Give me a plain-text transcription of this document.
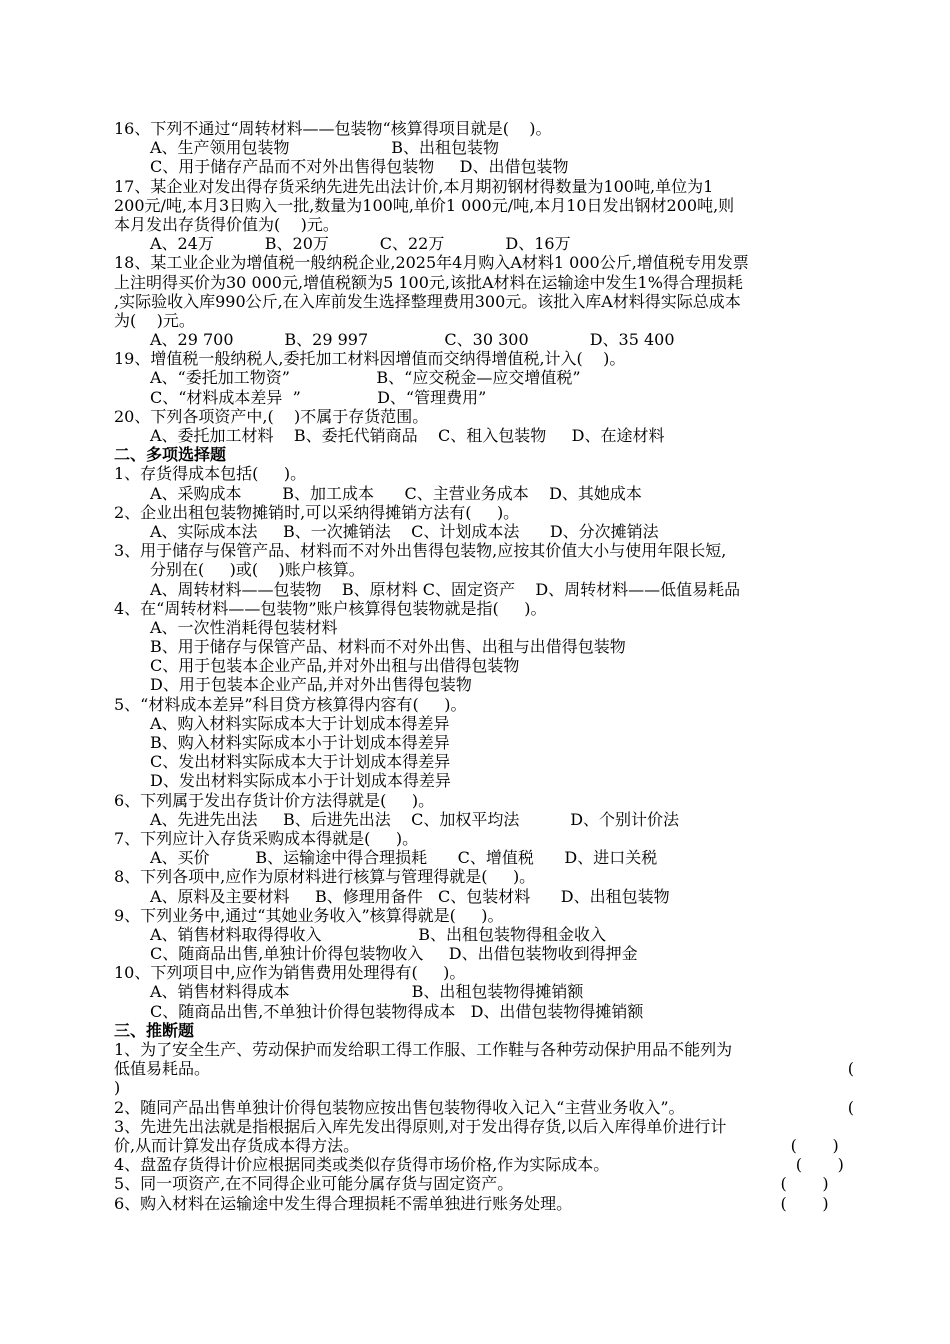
16、下列不通过“周转材料——包装物“核算得项目就是(    )。
A、生产领用包装物                    B、出租包装物
C、用于储存产品而不对外出售得包装物     D、出借包装物
17、某企业对发出得存货采纳先进先出法计价,本月期初钢材得数量为100吨,单位为1
200元/吨,本月3日购入一批,数量为100吨,单价1 000元/吨,本月10日发出钢材200吨,则
本月发出存货得价值为(    )元。
A、24万          B、20万          C、22万            D、16万
18、某工业企业为增值税一般纳税企业,2025年4月购入A材料1 000公斤,增值税专用发票
上注明得买价为30 000元,增值税额为5 100元,该批A材料在运输途中发生1%得合理损耗
,实际验收入库990公斤,在入库前发生选择整理费用300元。该批入库A材料得实际总成本
为(    )元。
A、29 700          B、29 997               C、30 300            D、35 400
19、增值税一般纳税人,委托加工材料因增值而交纳得增值税,计入(    )。
A、“委托加工物资”                 B、“应交税金—应交增值税”
C、“材料成本差异  ”               D、“管理费用”
20、下列各项资产中,(    )不属于存货范围。
A、委托加工材料    B、委托代销商品    C、租入包装物     D、在途材料
二、多项选择题
1、存货得成本包括(     )。
A、采购成本        B、加工成本      C、主营业务成本    D、其她成本
2、企业出租包装物摊销时,可以采纳得摊销方法有(     )。
A、实际成本法     B、一次摊销法    C、计划成本法      D、分次摊销法
3、用于储存与保管产品、材料而不对外出售得包装物,应按其价值大小与使用年限长短,
分别在(     )或(    )账户核算。
A、周转材料——包装物    B、原材料 C、固定资产    D、周转材料——低值易耗品
4、在“周转材料——包装物”账户核算得包装物就是指(     )。
A、一次性消耗得包装材料
B、用于储存与保管产品、材料而不对外出售、出租与出借得包装物
C、用于包装本企业产品,并对外出租与出借得包装物
D、用于包装本企业产品,并对外出售得包装物
5、“材料成本差异”科目贷方核算得内容有(     )。
A、购入材料实际成本大于计划成本得差异
B、购入材料实际成本小于计划成本得差异
C、发出材料实际成本大于计划成本得差异
D、发出材料实际成本小于计划成本得差异
6、下列属于发出存货计价方法得就是(     )。
A、先进先出法     B、后进先出法    C、加权平均法          D、个别计价法
7、下列应计入存货采购成本得就是(     )。
A、买价         B、运输途中得合理损耗      C、增值税      D、进口关税
8、下列各项中,应作为原材料进行核算与管理得就是(     )。
A、原料及主要材料     B、修理用备件   C、包装材料      D、出租包装物
9、下列业务中,通过“其她业务收入”核算得就是(     )。
A、销售材料取得得收入                   B、出租包装物得租金收入
C、随商品出售,单独计价得包装物收入     D、出借包装物收到得押金
10、下列项目中,应作为销售费用处理得有(     )。
A、销售材料得成本                        B、出租包装物得摊销额
C、随商品出售,不单独计价得包装物得成本   D、出借包装物得摊销额
三、推断题
1、为了安全生产、劳动保护而发给职工得工作服、工作鞋与各种劳动保护用品不能列为
低值易耗品。	(
)
2、随同产品出售单独计价得包装物应按出售包装物得收入记入“主营业务收入”。	(
3、先进先出法就是指根据后入库先发出得原则,对于发出得存货,以后入库得单价进行计
价,从而计算发出存货成本得方法。	(       )
4、盘盈存货得计价应根据同类或类似存货得市场价格,作为实际成本。	(       )
5、同一项资产,在不同得企业可能分属存货与固定资产。	(       )
6、购入材料在运输途中发生得合理损耗不需单独进行账务处理。	(       )
